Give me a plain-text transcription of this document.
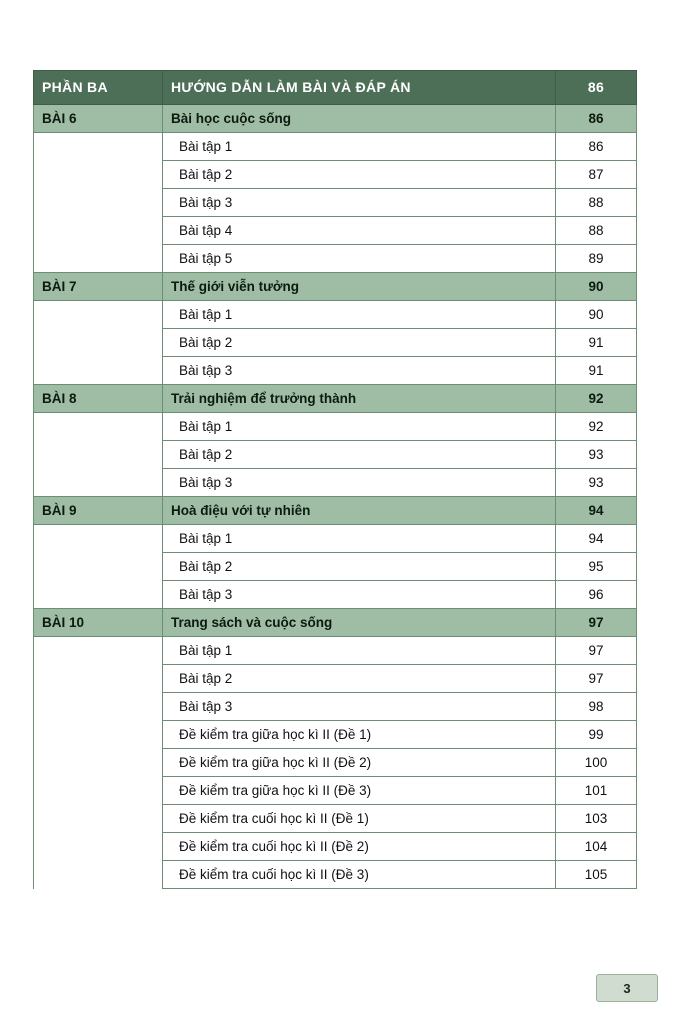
PHẦN BA	HƯỚNG DẪN LÀM BÀI VÀ ĐÁP ÁN	86

BÀI 6	Bài học cuộc sống	86

	Bài tập 1	86

	Bài tập 2	87

	Bài tập 3	88

	Bài tập 4	88

	Bài tập 5	89

BÀI 7	Thế giới viễn tưởng	90

	Bài tập 1	90

	Bài tập 2	91

	Bài tập 3	91

BÀI 8	Trải nghiệm để trưởng thành	92

	Bài tập 1	92

	Bài tập 2	93

	Bài tập 3	93

BÀI 9	Hoà điệu với tự nhiên	94

	Bài tập 1	94

	Bài tập 2	95

	Bài tập 3	96

BÀI 10	Trang sách và cuộc sống	97

	Bài tập 1	97

	Bài tập 2	97

	Bài tập 3	98

	Đề kiểm tra giữa học kì II (Đề 1)	99

	Đề kiểm tra giữa học kì II (Đề 2)	100

	Đề kiểm tra giữa học kì II (Đề 3)	101

	Đề kiểm tra cuối học kì II (Đề 1)	103

	Đề kiểm tra cuối học kì II (Đề 2)	104

	Đề kiểm tra cuối học kì II (Đề 3)	105
3
